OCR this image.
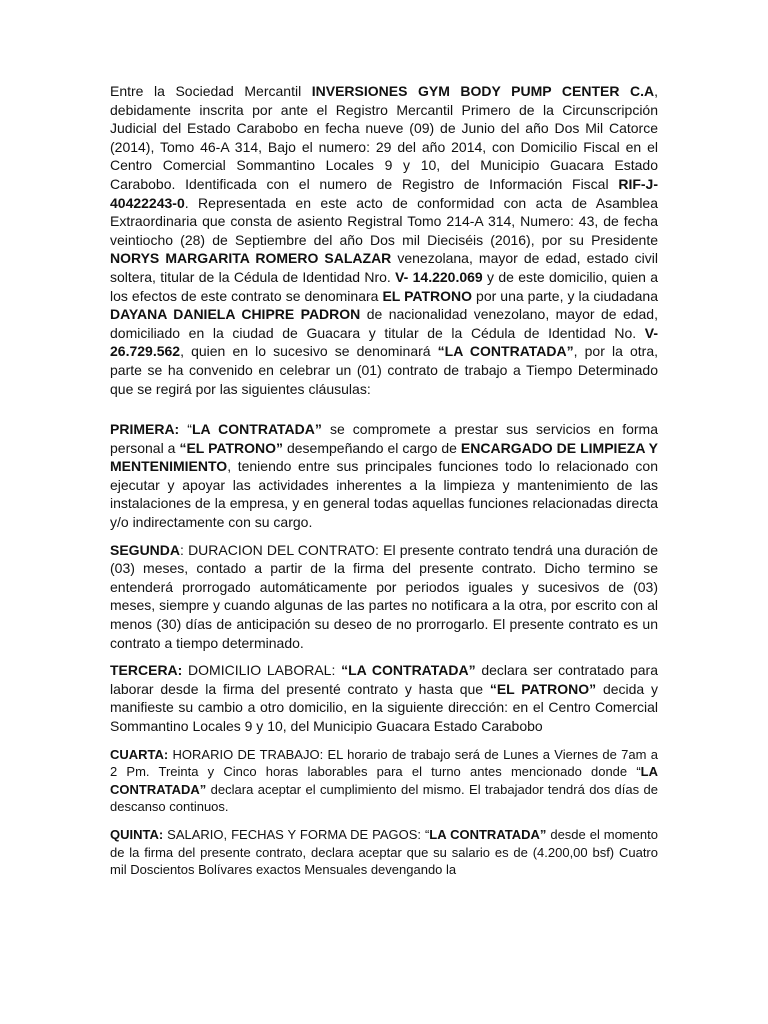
Entre la Sociedad Mercantil INVERSIONES GYM BODY PUMP CENTER C.A, debidamente inscrita por ante el Registro Mercantil Primero de la Circunscripción Judicial del Estado Carabobo en fecha nueve (09) de Junio del año Dos Mil Catorce (2014), Tomo 46-A 314, Bajo el numero: 29 del año 2014, con Domicilio Fiscal en el Centro Comercial Sommantino Locales 9 y 10, del Municipio Guacara Estado Carabobo. Identificada con el numero de Registro de Información Fiscal RIF-J-40422243-0. Representada en este acto de conformidad con acta de Asamblea Extraordinaria que consta de asiento Registral Tomo 214-A 314, Numero: 43, de fecha veintiocho (28) de Septiembre del año Dos mil Dieciséis (2016), por su Presidente NORYS MARGARITA ROMERO SALAZAR venezolana, mayor de edad, estado civil soltera, titular de la Cédula de Identidad Nro. V- 14.220.069 y de este domicilio, quien a los efectos de este contrato se denominara EL PATRONO por una parte, y la ciudadana DAYANA DANIELA CHIPRE PADRON de nacionalidad venezolano, mayor de edad, domiciliado en la ciudad de Guacara y titular de la Cédula de Identidad No. V-26.729.562, quien en lo sucesivo se denominará “LA CONTRATADA”, por la otra, parte se ha convenido en celebrar un (01) contrato de trabajo a Tiempo Determinado que se regirá por las siguientes cláusulas:

PRIMERA: “LA CONTRATADA” se compromete a prestar sus servicios en forma personal a “EL PATRONO” desempeñando el cargo de ENCARGADO DE LIMPIEZA Y MENTENIMIENTO, teniendo entre sus principales funciones todo lo relacionado con ejecutar y apoyar las actividades inherentes a la limpieza y mantenimiento de las instalaciones de la empresa, y en general todas aquellas funciones relacionadas directa y/o indirectamente con su cargo.

SEGUNDA: DURACION DEL CONTRATO: El presente contrato tendrá una duración de (03) meses, contado a partir de la firma del presente contrato. Dicho termino se entenderá prorrogado automáticamente por periodos iguales y sucesivos de (03) meses, siempre y cuando algunas de las partes no notificara a la otra, por escrito con al menos (30) días de anticipación su deseo de no prorrogarlo. El presente contrato es un contrato a tiempo determinado.

TERCERA: DOMICILIO LABORAL: “LA CONTRATADA” declara ser contratado para laborar desde la firma del presenté contrato y hasta que “EL PATRONO” decida y manifieste su cambio a otro domicilio, en la siguiente dirección: en el Centro Comercial Sommantino Locales 9 y 10, del Municipio Guacara Estado Carabobo

CUARTA: HORARIO DE TRABAJO: EL horario de trabajo será de Lunes a Viernes de 7am a 2 Pm. Treinta y Cinco horas laborables para el turno antes mencionado donde “LA CONTRATADA” declara aceptar el cumplimiento del mismo. El trabajador tendrá dos días de descanso continuos.

QUINTA: SALARIO, FECHAS Y FORMA DE PAGOS: “LA CONTRATADA” desde el momento de la firma del presente contrato, declara aceptar que su salario es de (4.200,00 bsf) Cuatro mil Doscientos Bolívares exactos Mensuales devengando la
